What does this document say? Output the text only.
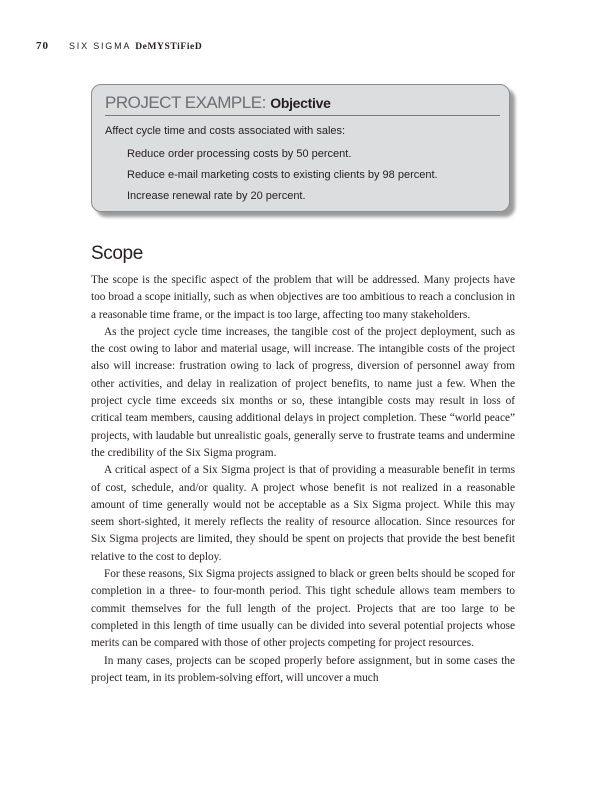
70 SIX SIGMA DeMYSTiFieD
PROJECT EXAMPLE: Objective
Affect cycle time and costs associated with sales:
Reduce order processing costs by 50 percent.
Reduce e-mail marketing costs to existing clients by 98 percent.
Increase renewal rate by 20 percent.
Scope

The scope is the specific aspect of the problem that will be addressed. Many projects have too broad a scope initially, such as when objectives are too ambitious to reach a conclusion in a reasonable time frame, or the impact is too large, affecting too many stakeholders.

As the project cycle time increases, the tangible cost of the project deployment, such as the cost owing to labor and material usage, will increase. The intangible costs of the project also will increase: frustration owing to lack of progress, diversion of personnel away from other activities, and delay in realization of project benefits, to name just a few. When the project cycle time exceeds six months or so, these intangible costs may result in loss of critical team members, causing additional delays in project completion. These “world peace” projects, with laudable but unrealistic goals, generally serve to frustrate teams and undermine the credibility of the Six Sigma program.

A critical aspect of a Six Sigma project is that of providing a measurable benefit in terms of cost, schedule, and/or quality. A project whose benefit is not realized in a reasonable amount of time generally would not be acceptable as a Six Sigma project. While this may seem short-sighted, it merely reflects the reality of resource allocation. Since resources for Six Sigma projects are limited, they should be spent on projects that provide the best benefit relative to the cost to deploy.

For these reasons, Six Sigma projects assigned to black or green belts should be scoped for completion in a three- to four-month period. This tight schedule allows team members to commit themselves for the full length of the project. Projects that are too large to be completed in this length of time usually can be divided into several potential projects whose merits can be compared with those of other projects competing for project resources.

In many cases, projects can be scoped properly before assignment, but in some cases the project team, in its problem-solving effort, will uncover a much
